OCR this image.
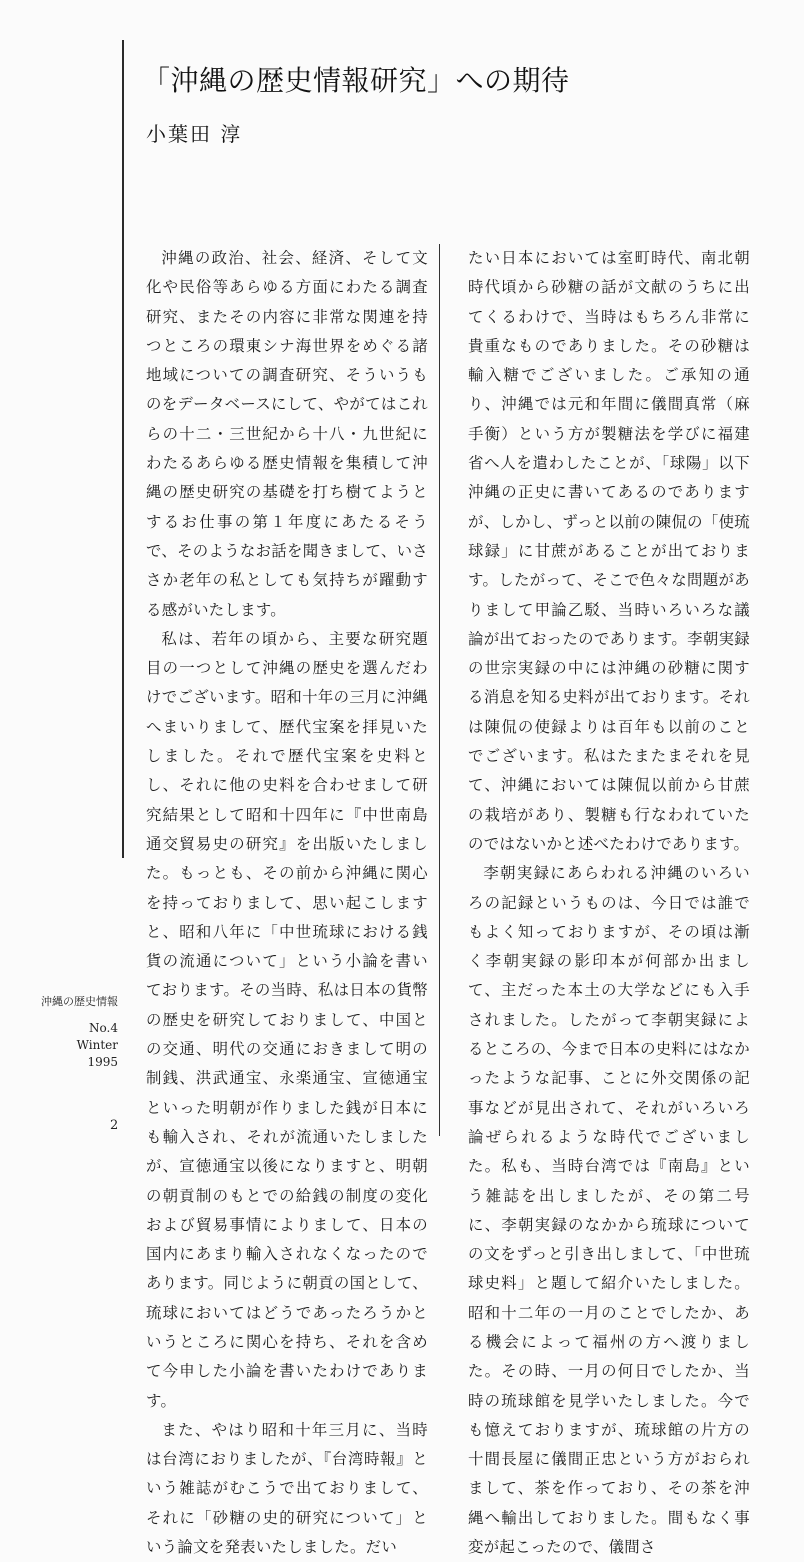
「沖縄の歴史情報研究」への期待
小葉田 淳

沖縄の政治、社会、経済、そして文化や民俗等あらゆる方面にわたる調査研究、またその内容に非常な関連を持つところの環東シナ海世界をめぐる諸地域についての調査研究、そういうものをデータベースにして、やがてはこれらの十二・三世紀から十八・九世紀にわたるあらゆる歴史情報を集積して沖縄の歴史研究の基礎を打ち樹てようとするお仕事の第１年度にあたるそうで、そのようなお話を聞きまして、いささか老年の私としても気持ちが躍動する感がいたします。

私は、若年の頃から、主要な研究題目の一つとして沖縄の歴史を選んだわけでございます。昭和十年の三月に沖縄へまいりまして、歴代宝案を拝見いたしました。それで歴代宝案を史料とし、それに他の史料を合わせまして研究結果として昭和十四年に『中世南島通交貿易史の研究』を出版いたしました。もっとも、その前から沖縄に関心を持っておりまして、思い起こしますと、昭和八年に「中世琉球における銭貨の流通について」という小論を書いております。その当時、私は日本の貨幣の歴史を研究しておりまして、中国との交通、明代の交通におきまして明の制銭、洪武通宝、永楽通宝、宣徳通宝といった明朝が作りました銭が日本にも輸入され、それが流通いたしましたが、宣徳通宝以後になりますと、明朝の朝貢制のもとでの給銭の制度の変化および貿易事情によりまして、日本の国内にあまり輸入されなくなったのであります。同じように朝貢の国として、琉球においてはどうであったろうかというところに関心を持ち、それを含めて今申した小論を書いたわけであります。

また、やはり昭和十年三月に、当時は台湾におりましたが、『台湾時報』という雑誌がむこうで出ておりまして、それに「砂糖の史的研究について」という論文を発表いたしました。だい

たい日本においては室町時代、南北朝時代頃から砂糖の話が文献のうちに出てくるわけで、当時はもちろん非常に貴重なものでありました。その砂糖は輸入糖でございました。ご承知の通り、沖縄では元和年間に儀間真常（麻手衡）という方が製糖法を学びに福建省へ人を遣わしたことが、「球陽」以下沖縄の正史に書いてあるのでありますが、しかし、ずっと以前の陳侃の「使琉球録」に甘蔗があることが出ております。したがって、そこで色々な問題がありまして甲論乙駁、当時いろいろな議論が出ておったのであります。李朝実録の世宗実録の中には沖縄の砂糖に関する消息を知る史料が出ております。それは陳侃の使録よりは百年も以前のことでございます。私はたまたまそれを見て、沖縄においては陳侃以前から甘蔗の栽培があり、製糖も行なわれていたのではないかと述べたわけであります。

李朝実録にあらわれる沖縄のいろいろの記録というものは、今日では誰でもよく知っておりますが、その頃は漸く李朝実録の影印本が何部か出まして、主だった本土の大学などにも入手されました。したがって李朝実録によるところの、今まで日本の史料にはなかったような記事、ことに外交関係の記事などが見出されて、それがいろいろ論ぜられるような時代でございました。私も、当時台湾では『南島』という雑誌を出しましたが、その第二号に、李朝実録のなかから琉球についての文をずっと引き出しまして、「中世琉球史料」と題して紹介いたしました。昭和十二年の一月のことでしたか、ある機会によって福州の方へ渡りました。その時、一月の何日でしたか、当時の琉球館を見学いたしました。今でも憶えておりますが、琉球館の片方の十間長屋に儀間正忠という方がおられまして、茶を作っており、その茶を沖縄へ輸出しておりました。間もなく事変が起こったので、儀間さ

沖縄の歴史情報
No.4
Winter
1995
2
